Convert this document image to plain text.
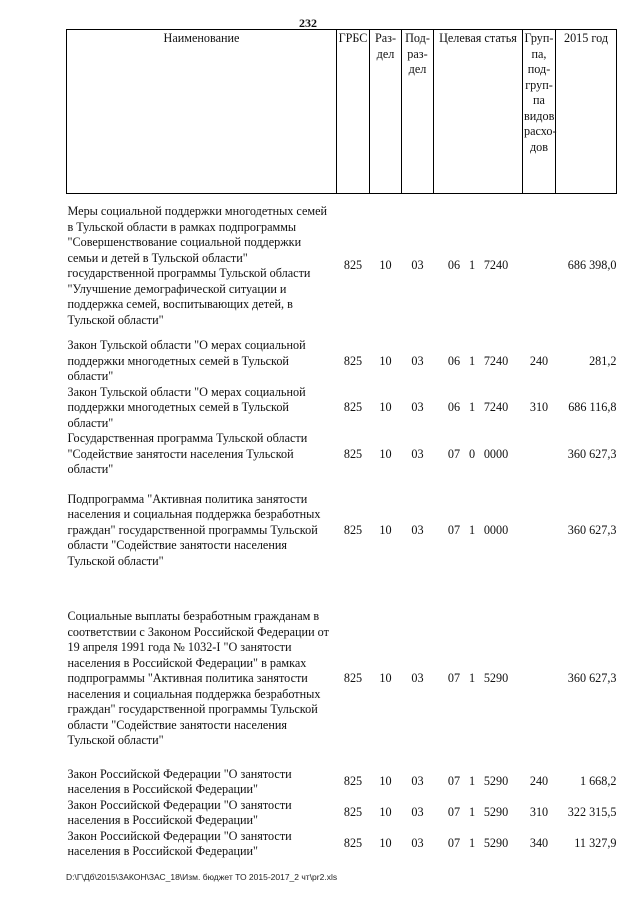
232
Наименование	ГРБС	Раз-дел	Под-раз-дел	Целевая статья	Груп-па, под-груп-па видов расхо-дов	2015 год

Меры социальной поддержки многодетных семей в Тульской области в рамках подпрограммы "Совершенствование социальной поддержки семьи и детей в Тульской области" государственной программы Тульской области "Улучшение демографической ситуации и поддержка семей, воспитывающих детей, в Тульской области"	825	10	03	06 1 7240		686 398,0

Закон Тульской области "О мерах социальной поддержки многодетных семей в Тульской области"	825	10	03	06 1 7240	240	281,2
Закон Тульской области "О мерах социальной поддержки многодетных семей в Тульской области"	825	10	03	06 1 7240	310	686 116,8
Государственная программа Тульской области "Содействие занятости населения Тульской области"	825	10	03	07 0 0000		360 627,3

Подпрограмма "Активная политика занятости населения и социальная поддержка безработных граждан" государственной программы Тульской области "Содействие занятости населения Тульской области"	825	10	03	07 1 0000		360 627,3

Социальные выплаты безработным гражданам в соответствии с Законом Российской Федерации от 19 апреля 1991 года № 1032-I "О занятости населения в Российской Федерации" в рамках подпрограммы "Активная политика занятости населения и социальная поддержка безработных граждан" государственной программы Тульской области "Содействие занятости населения Тульской области"	825	10	03	07 1 5290		360 627,3

Закон Российской Федерации "О занятости населения в Российской Федерации"	825	10	03	07 1 5290	240	1 668,2
Закон Российской Федерации "О занятости населения в Российской Федерации"	825	10	03	07 1 5290	310	322 315,5
Закон Российской Федерации "О занятости населения в Российской Федерации"	825	10	03	07 1 5290	340	11 327,9
D:\Г\Дб\2015\ЗАКОН\ЗАС_18\Изм. бюджет ТО 2015-2017_2 чт\pr2.xls
